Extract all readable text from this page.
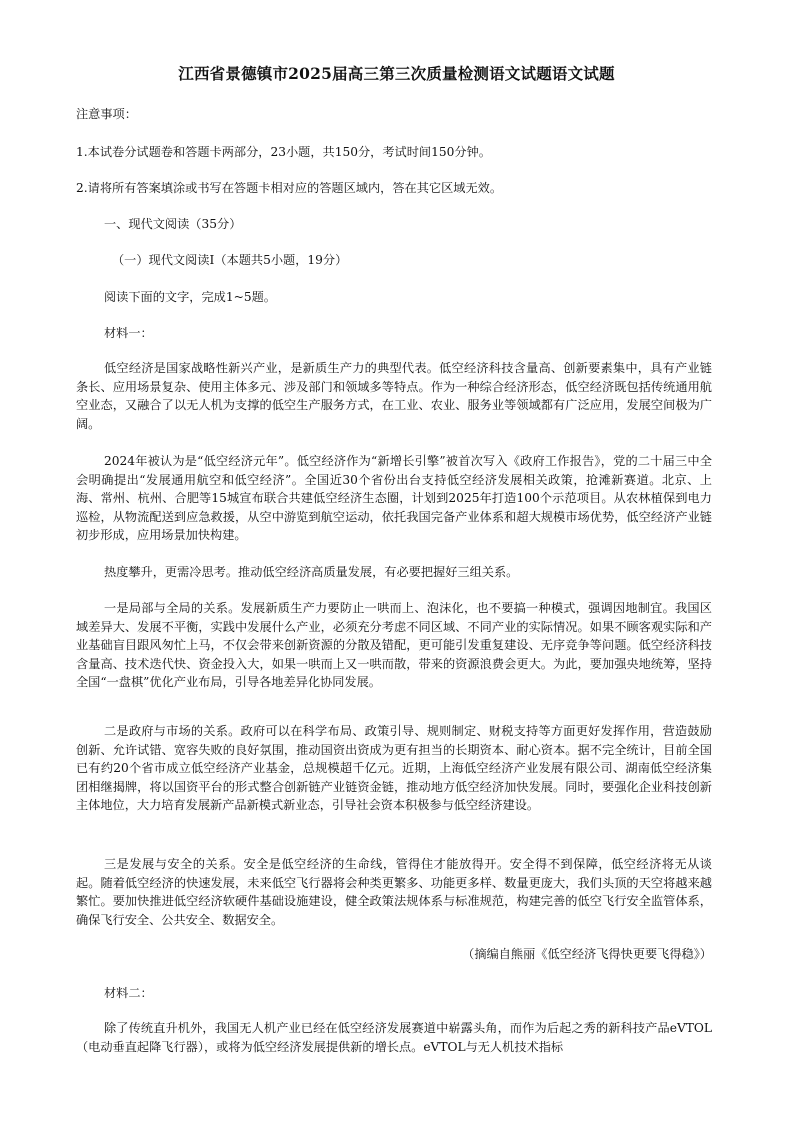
江西省景德镇市2025届高三第三次质量检测语文试题语文试题
注意事项：
1.本试卷分试题卷和答题卡两部分，23小题，共150分，考试时间150分钟。
2.请将所有答案填涂或书写在答题卡相对应的答题区域内，答在其它区域无效。
一、现代文阅读（35分）
（一）现代文阅读Ⅰ（本题共5小题，19分）
阅读下面的文字，完成1~5题。
材料一：
低空经济是国家战略性新兴产业，是新质生产力的典型代表。低空经济科技含量高、创新要素集中，具有产业链条长、应用场景复杂、使用主体多元、涉及部门和领域多等特点。作为一种综合经济形态，低空经济既包括传统通用航空业态，又融合了以无人机为支撑的低空生产服务方式，在工业、农业、服务业等领域都有广泛应用，发展空间极为广阔。
2024年被认为是“低空经济元年”。低空经济作为“新增长引擎”被首次写入《政府工作报告》，党的二十届三中全会明确提出“发展通用航空和低空经济”。全国近30个省份出台支持低空经济发展相关政策，抢滩新赛道。北京、上海、常州、杭州、合肥等15城宣布联合共建低空经济生态圈，计划到2025年打造100个示范项目。从农林植保到电力巡检，从物流配送到应急救援，从空中游览到航空运动，依托我国完备产业体系和超大规模市场优势，低空经济产业链初步形成，应用场景加快构建。
热度攀升，更需冷思考。推动低空经济高质量发展，有必要把握好三组关系。
一是局部与全局的关系。发展新质生产力要防止一哄而上、泡沫化，也不要搞一种模式，强调因地制宜。我国区域差异大、发展不平衡，实践中发展什么产业，必须充分考虑不同区域、不同产业的实际情况。如果不顾客观实际和产业基础盲目跟风匆忙上马，不仅会带来创新资源的分散及错配，更可能引发重复建设、无序竞争等问题。低空经济科技含量高、技术迭代快、资金投入大，如果一哄而上又一哄而散，带来的资源浪费会更大。为此，要加强央地统筹，坚持全国“一盘棋”优化产业布局，引导各地差异化协同发展。
二是政府与市场的关系。政府可以在科学布局、政策引导、规则制定、财税支持等方面更好发挥作用，营造鼓励创新、允许试错、宽容失败的良好氛围，推动国资出资成为更有担当的长期资本、耐心资本。据不完全统计，目前全国已有约20个省市成立低空经济产业基金，总规模超千亿元。近期，上海低空经济产业发展有限公司、湖南低空经济集团相继揭牌，将以国资平台的形式整合创新链产业链资金链，推动地方低空经济加快发展。同时，要强化企业科技创新主体地位，大力培育发展新产品新模式新业态，引导社会资本积极参与低空经济建设。
三是发展与安全的关系。安全是低空经济的生命线，管得住才能放得开。安全得不到保障，低空经济将无从谈起。随着低空经济的快速发展，未来低空飞行器将会种类更繁多、功能更多样、数量更庞大，我们头顶的天空将越来越繁忙。要加快推进低空经济软硬件基础设施建设，健全政策法规体系与标准规范，构建完善的低空飞行安全监管体系，确保飞行安全、公共安全、数据安全。
（摘编自熊丽《低空经济飞得快更要飞得稳》）
材料二：
除了传统直升机外，我国无人机产业已经在低空经济发展赛道中崭露头角，而作为后起之秀的新科技产品eVTOL（电动垂直起降飞行器），或将为低空经济发展提供新的增长点。eVTOL与无人机技术指标
